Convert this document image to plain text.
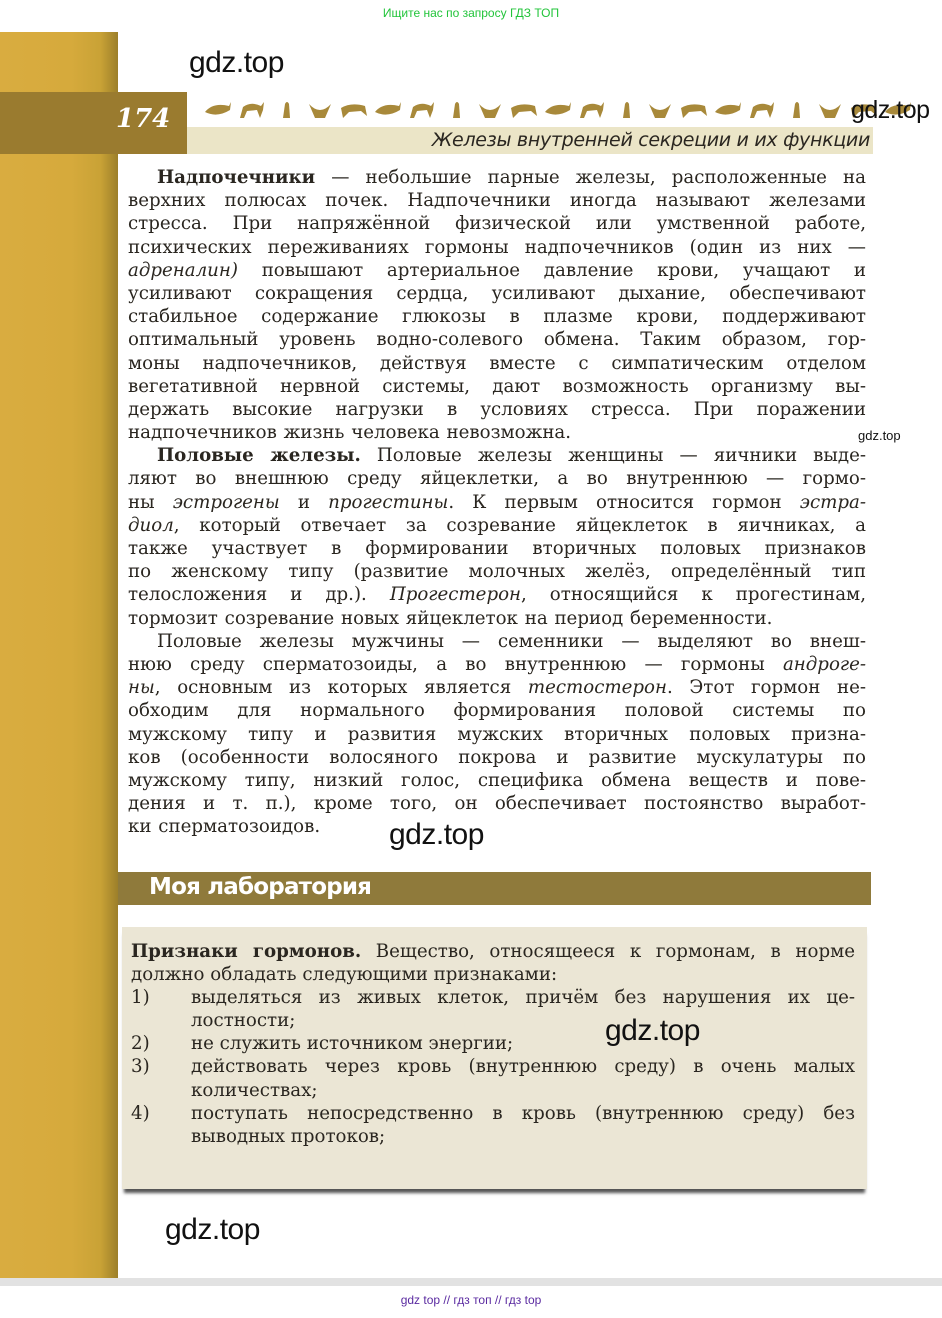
Ищите нас по запросу ГДЗ ТОП
174
Железы внутренней секреции и их функции
gdz.top
gdz.top
gdz.top
gdz.top
Надпочечники — небольшие парные железы, расположенные на
верхних полюсах почек. Надпочечники иногда называют железами
стресса. При напряжённой физической или умственной работе,
психических переживаниях гормоны надпочечников (один из них —
адреналин) повышают артериальное давление крови, учащают и
усиливают сокращения сердца, усиливают дыхание, обеспечивают
стабильное содержание глюкозы в плазме крови, поддерживают
оптимальный уровень водно-солевого обмена. Таким образом, гор-
моны надпочечников, действуя вместе с симпатическим отделом
вегетативной нервной системы, дают возможность организму вы-
держать высокие нагрузки в условиях стресса. При поражении
надпочечников жизнь человека невозможна.
Половые железы. Половые железы женщины — яичники выде-
ляют во внешнюю среду яйцеклетки, а во внутреннюю — гормо-
ны эстрогены и прогестины. К первым относится гормон эстра-
диол, который отвечает за созревание яйцеклеток в яичниках, а
также участвует в формировании вторичных половых признаков
по женскому типу (развитие молочных желёз, определённый тип
телосложения и др.). Прогестерон, относящийся к прогестинам,
тормозит созревание новых яйцеклеток на период беременности.
Половые железы мужчины — семенники — выделяют во внеш-
нюю среду сперматозоиды, а во внутреннюю — гормоны андроге-
ны, основным из которых является тестостерон. Этот гормон не-
обходим для нормального формирования половой системы по
мужскому типу и развития мужских вторичных половых призна-
ков (особенности волосяного покрова и развитие мускулатуры по
мужскому типу, низкий голос, специфика обмена веществ и пове-
дения и т. п.), кроме того, он обеспечивает постоянство выработ-
ки сперматозоидов.
Моя лаборатория
Признаки гормонов. Вещество, относящееся к гормонам, в норме
должно обладать следующими признаками:
1) выделяться из живых клеток, причём без нарушения их це-
лостности;
2) не служить источником энергии;
3) действовать через кровь (внутреннюю среду) в очень малых
количествах;
4) поступать непосредственно в кровь (внутреннюю среду) без
выводных протоков;
gdz.top
gdz.top
gdz top // гдз топ // гдз top
